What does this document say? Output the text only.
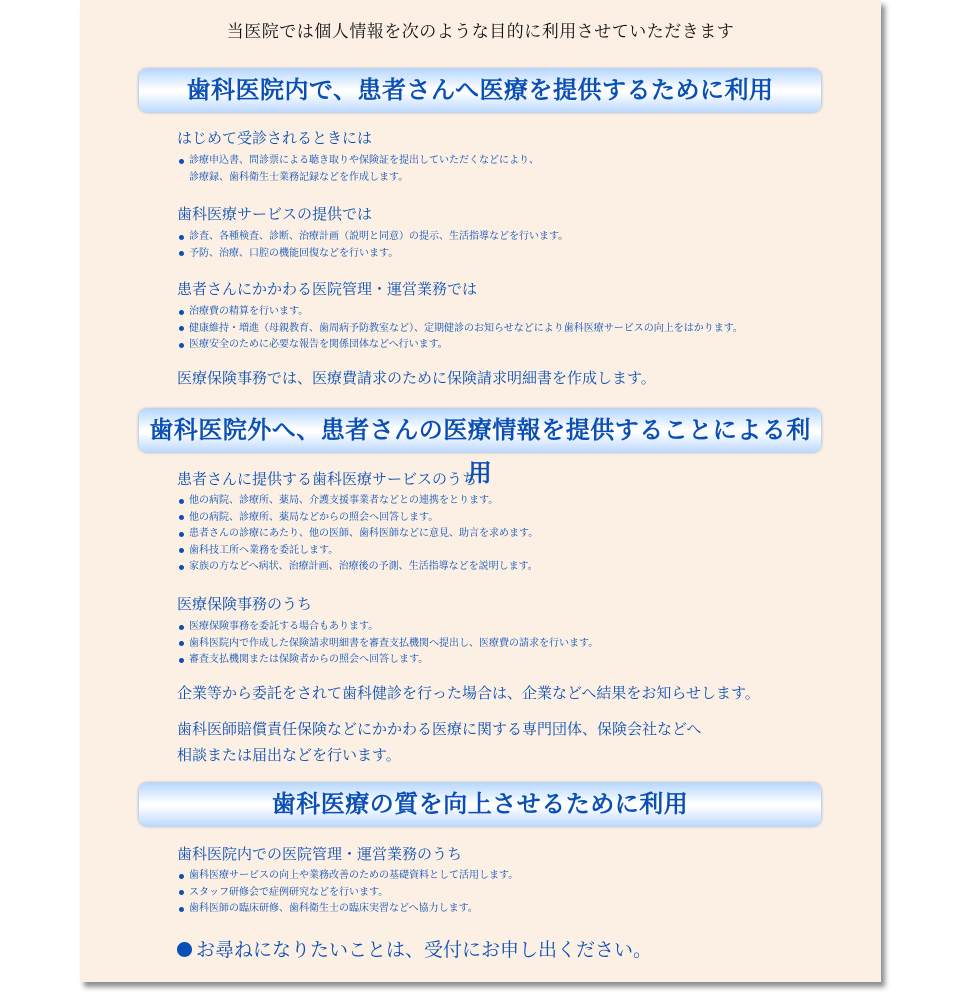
当医院では個人情報を次のような目的に利用させていただきます
歯科医院内で、患者さんへ医療を提供するために利用
はじめて受診されるときには
診療申込書、問診票による聴き取りや保険証を提出していただくなどにより、
診療録、歯科衛生士業務記録などを作成します。
歯科医療サービスの提供では
診査、各種検査、診断、治療計画（説明と同意）の提示、生活指導などを行います。
予防、治療、口腔の機能回復などを行います。
患者さんにかかわる医院管理・運営業務では
治療費の精算を行います。
健康維持・増進（母親教育、歯周病予防教室など）、定期健診のお知らせなどにより歯科医療サービスの向上をはかります。
医療安全のために必要な報告を関係団体などへ行います。
医療保険事務では、医療費請求のために保険請求明細書を作成します。
歯科医院外へ、患者さんの医療情報を提供することによる利用
患者さんに提供する歯科医療サービスのうち
他の病院、診療所、薬局、介護支援事業者などとの連携をとります。
他の病院、診療所、薬局などからの照会へ回答します。
患者さんの診療にあたり、他の医師、歯科医師などに意見、助言を求めます。
歯科技工所へ業務を委託します。
家族の方などへ病状、治療計画、治療後の予測、生活指導などを説明します。
医療保険事務のうち
医療保険事務を委託する場合もあります。
歯科医院内で作成した保険請求明細書を審査支払機関へ提出し、医療費の請求を行います。
審査支払機関または保険者からの照会へ回答します。
企業等から委託をされて歯科健診を行った場合は、企業などへ結果をお知らせします。
歯科医師賠償責任保険などにかかわる医療に関する専門団体、保険会社などへ
相談または届出などを行います。
歯科医療の質を向上させるために利用
歯科医院内での医院管理・運営業務のうち
歯科医療サービスの向上や業務改善のための基礎資料として活用します。
スタッフ研修会で症例研究などを行います。
歯科医師の臨床研修、歯科衛生士の臨床実習などへ協力します。
お尋ねになりたいことは、受付にお申し出ください。
